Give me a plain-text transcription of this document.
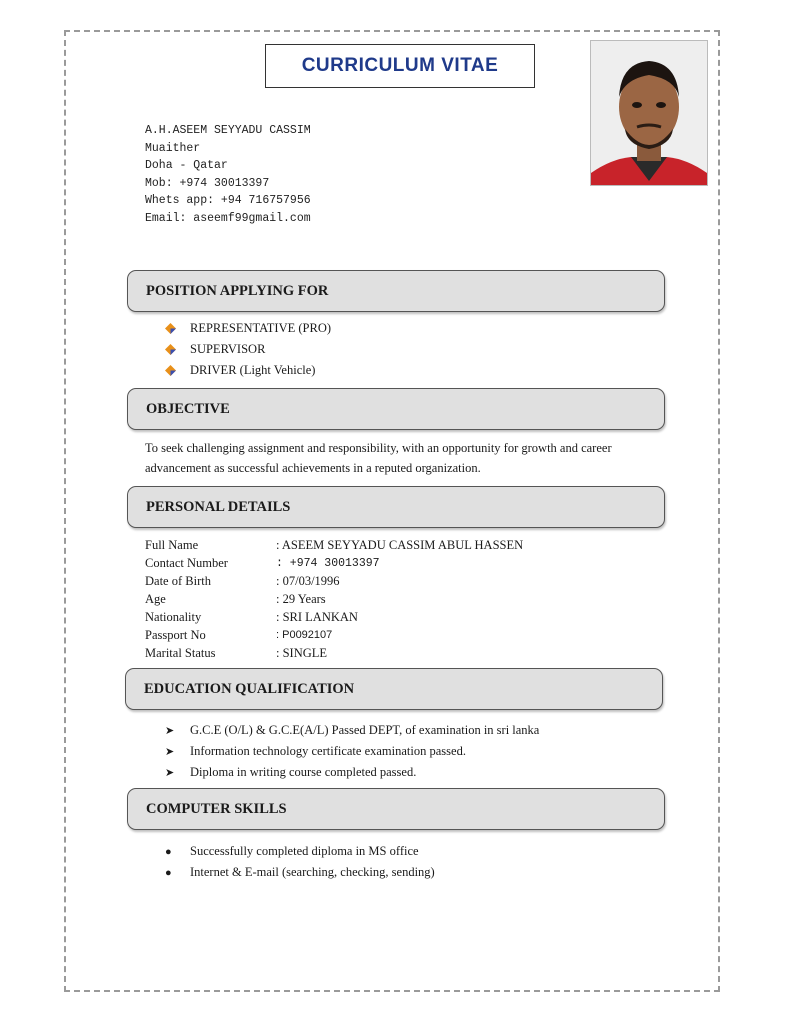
CURRICULUM VITAE
A.H.ASEEM SEYYADU CASSIM
Muaither
Doha - Qatar
Mob: +974 30013397
Whets app: +94 716757956
Email: aseemf99gmail.com
POSITION APPLYING FOR
REPRESENTATIVE (PRO)
SUPERVISOR
DRIVER (Light Vehicle)
OBJECTIVE
To seek challenging assignment and responsibility, with an opportunity for growth and career advancement as successful achievements in a reputed organization.
PERSONAL DETAILS
Full Name	: ASEEM SEYYADU CASSIM ABUL HASSEN
Contact Number	: +974 30013397
Date of Birth	: 07/03/1996
Age	: 29 Years
Nationality	: SRI LANKAN
Passport No	: P0092107
Marital Status	: SINGLE
EDUCATION QUALIFICATION
➤	G.C.E (O/L) & G.C.E(A/L) Passed DEPT, of examination in sri lanka
➤	Information technology certificate examination passed.
➤	Diploma in writing course completed passed.
COMPUTER SKILLS
●	Successfully completed diploma in MS office
●	Internet & E-mail (searching, checking, sending)
